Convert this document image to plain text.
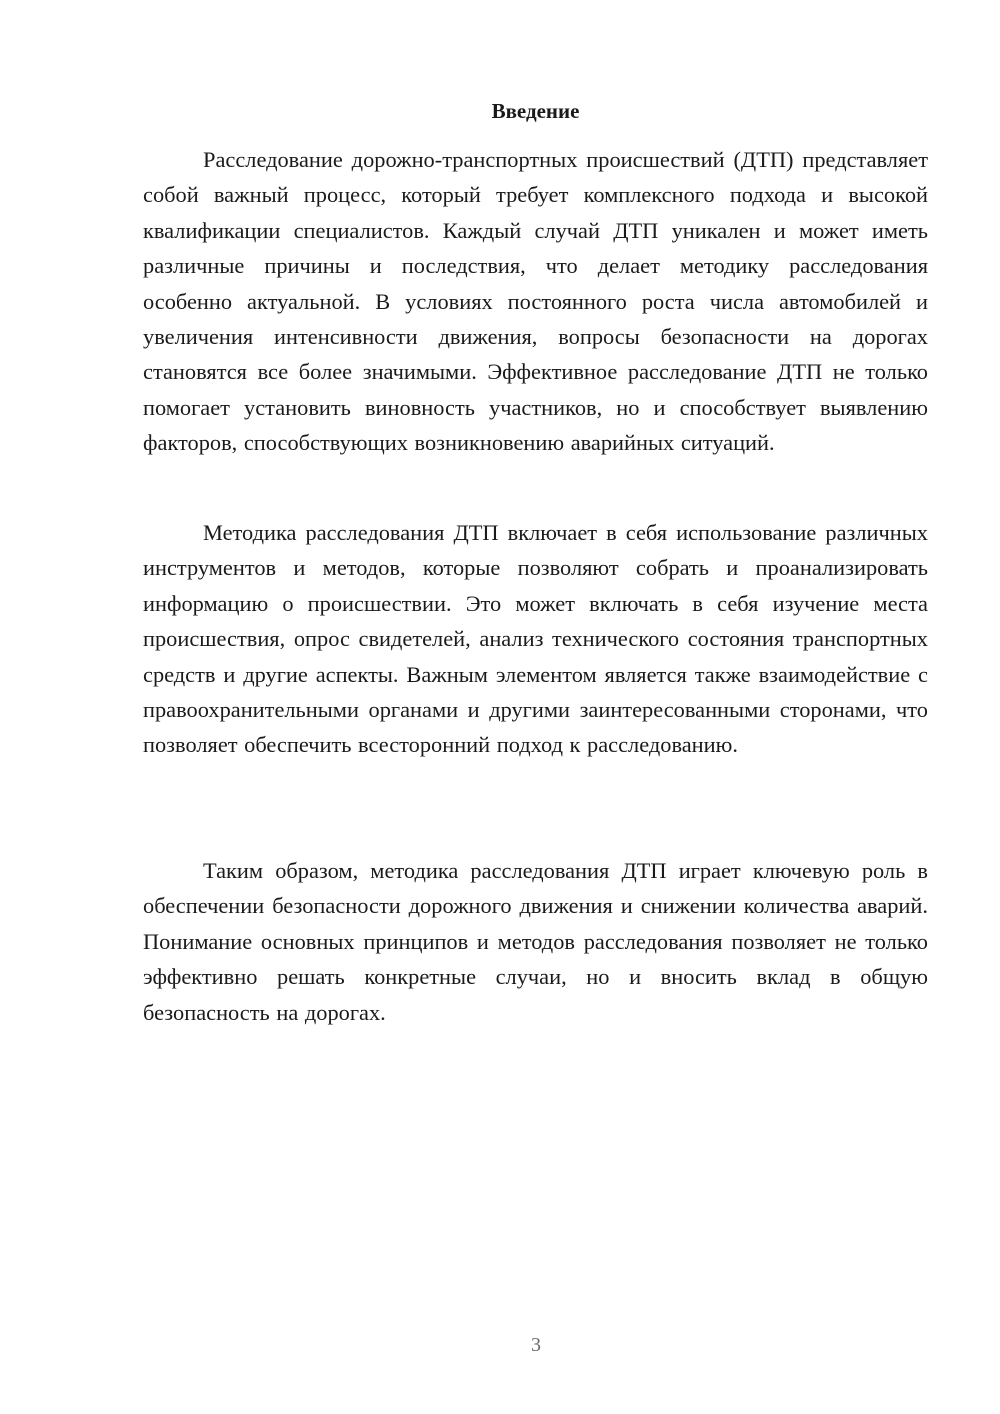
Введение

Расследование дорожно-транспортных происшествий (ДТП) представляет собой важный процесс, который требует комплексного подхода и высокой квалификации специалистов. Каждый случай ДТП уникален и может иметь различные причины и последствия, что делает методику расследования особенно актуальной. В условиях постоянного роста числа автомобилей и увеличения интенсивности движения, вопросы безопасности на дорогах становятся все более значимыми. Эффективное расследование ДТП не только помогает установить виновность участников, но и способствует выявлению факторов, способствующих возникновению аварийных ситуаций.

Методика расследования ДТП включает в себя использование различных инструментов и методов, которые позволяют собрать и проанализировать информацию о происшествии. Это может включать в себя изучение места происшествия, опрос свидетелей, анализ технического состояния транспортных средств и другие аспекты. Важным элементом является также взаимодействие с правоохранительными органами и другими заинтересованными сторонами, что позволяет обеспечить всесторонний подход к расследованию.

Таким образом, методика расследования ДТП играет ключевую роль в обеспечении безопасности дорожного движения и снижении количества аварий. Понимание основных принципов и методов расследования позволяет не только эффективно решать конкретные случаи, но и вносить вклад в общую безопасность на дорогах.

3
